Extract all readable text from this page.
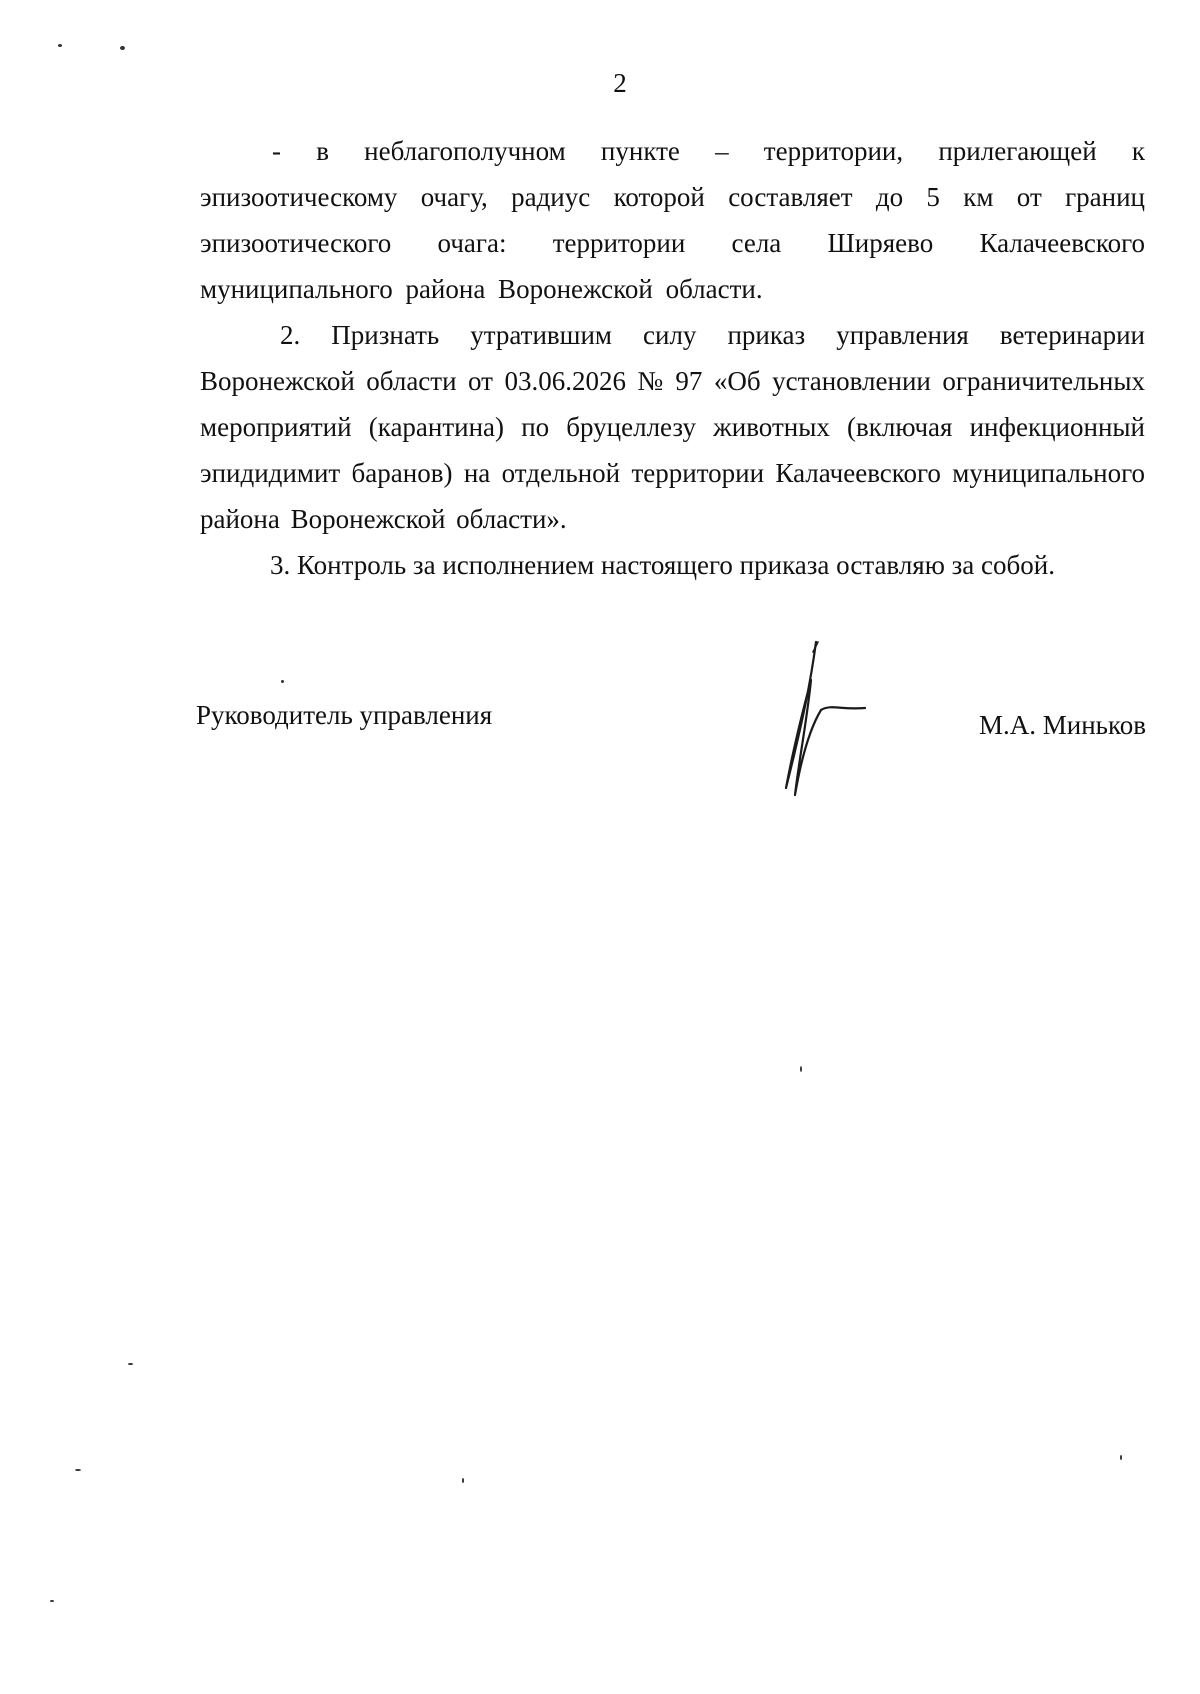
2

- в неблагополучном пункте – территории, прилегающей к эпизоотическому очагу, радиус которой составляет до 5 км от границ эпизоотического очага: территории села Ширяево Калачеевского муниципального района Воронежской области.

2. Признать утратившим силу приказ управления ветеринарии Воронежской области от 03.06.2026 № 97 «Об установлении ограничительных мероприятий (карантина) по бруцеллезу животных (включая инфекционный эпидидимит баранов) на отдельной территории Калачеевского муниципального района Воронежской области».

3. Контроль за исполнением настоящего приказа оставляю за собой.

Руководитель управления	М.А. Миньков
